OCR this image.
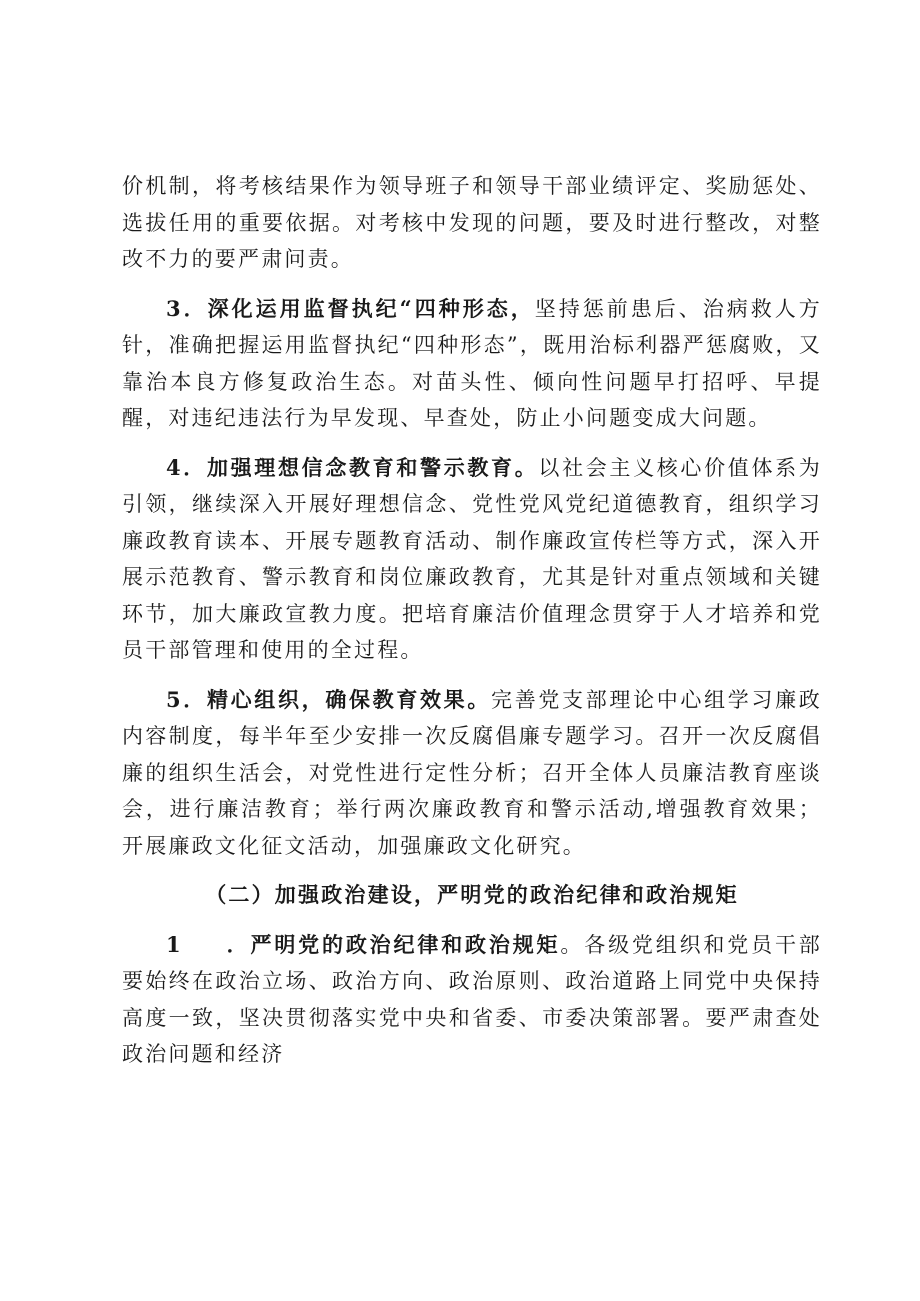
价机制，将考核结果作为领导班子和领导干部业绩评定、奖励惩处、选拔任用的重要依据。对考核中发现的问题，要及时进行整改，对整改不力的要严肃问责。

3．深化运用监督执纪“四种形态，坚持惩前患后、治病救人方针，准确把握运用监督执纪“四种形态”，既用治标利器严惩腐败，又靠治本良方修复政治生态。对苗头性、倾向性问题早打招呼、早提醒，对违纪违法行为早发现、早查处，防止小问题变成大问题。

4．加强理想信念教育和警示教育。以社会主义核心价值体系为引领，继续深入开展好理想信念、党性党风党纪道德教育，组织学习廉政教育读本、开展专题教育活动、制作廉政宣传栏等方式，深入开展示范教育、警示教育和岗位廉政教育，尤其是针对重点领域和关键环节，加大廉政宣教力度。把培育廉洁价值理念贯穿于人才培养和党员干部管理和使用的全过程。

5．精心组织，确保教育效果。完善党支部理论中心组学习廉政内容制度，每半年至少安排一次反腐倡廉专题学习。召开一次反腐倡廉的组织生活会，对党性进行定性分析；召开全体人员廉洁教育座谈会，进行廉洁教育；举行两次廉政教育和警示活动,增强教育效果；开展廉政文化征文活动，加强廉政文化研究。

（二）加强政治建设，严明党的政治纪律和政治规矩

1 ．严明党的政治纪律和政治规矩。各级党组织和党员干部要始终在政治立场、政治方向、政治原则、政治道路上同党中央保持高度一致，坚决贯彻落实党中央和省委、市委决策部署。要严肃查处政治问题和经济
